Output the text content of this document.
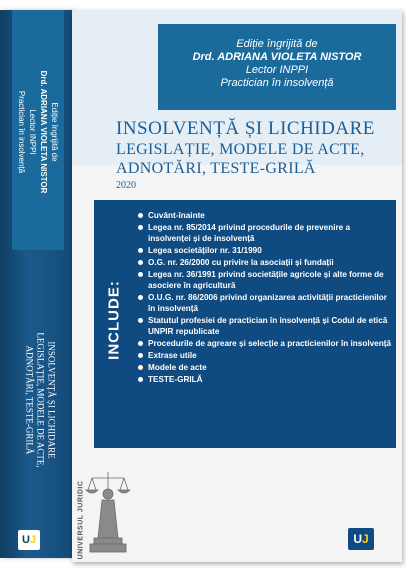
Ediție îngrijită de
Drd. ADRIANA VIOLETA NISTOR
Lector INPPI
Practician în insolvență
INSOLVENȚĂ ȘI LICHIDARE
LEGISLAȚIE, MODELE DE ACTE,
ADNOTĂRI, TESTE-GRILĂ
UJ
Ediție îngrijită de
Drd. ADRIANA VIOLETA NISTOR
Lector INPPI
Practician în insolvență
INSOLVENȚĂ ȘI LICHIDARE
LEGISLAȚIE, MODELE DE ACTE,
ADNOTĂRI, TESTE-GRILĂ
2020
INCLUDE:
Cuvânt-înainte
Legea nr. 85/2014 privind procedurile de prevenire a insolvenței și de insolvență
Legea societăților nr. 31/1990
O.G. nr. 26/2000 cu privire la asociații și fundații
Legea nr. 36/1991 privind societățile agricole și alte forme de asociere în agricultură
O.U.G. nr. 86/2006 privind organizarea activității practicienilor în insolvență
Statutul profesiei de practician în insolvență și Codul de etică UNPIR republicate
Procedurile de agreare și selecție a practicienilor în insolvență
Extrase utile
Modele de acte
TESTE-GRILĂ
UNIVERSUL JURIDIC	UJ
